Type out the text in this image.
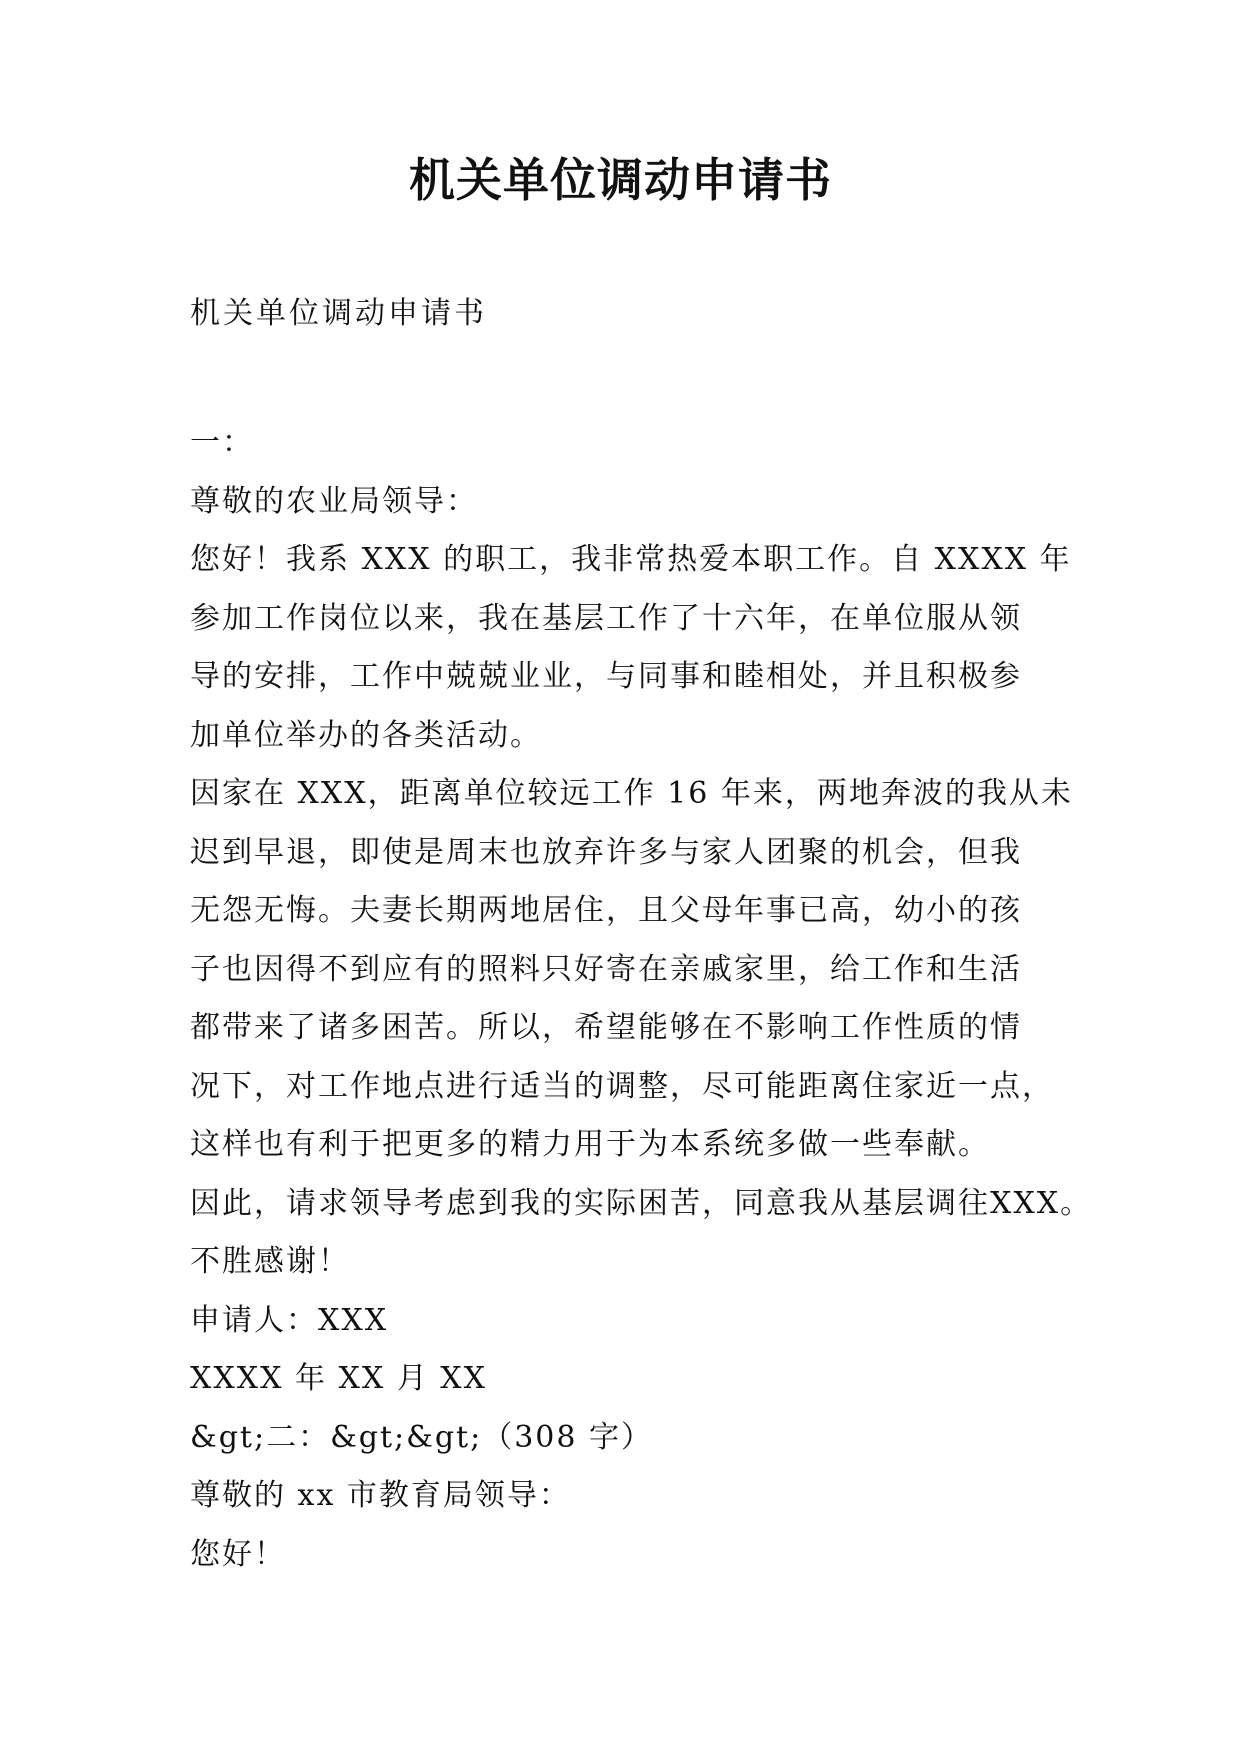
机关单位调动申请书
机关单位调动申请书
一：
尊敬的农业局领导：
您好！我系 XXX 的职工，我非常热爱本职工作。自 XXXX 年
参加工作岗位以来，我在基层工作了十六年，在单位服从领
导的安排，工作中兢兢业业，与同事和睦相处，并且积极参
加单位举办的各类活动。
因家在 XXX，距离单位较远工作 16 年来，两地奔波的我从未
迟到早退，即使是周末也放弃许多与家人团聚的机会，但我
无怨无悔。夫妻长期两地居住，且父母年事已高，幼小的孩
子也因得不到应有的照料只好寄在亲戚家里，给工作和生活
都带来了诸多困苦。所以，希望能够在不影响工作性质的情
况下，对工作地点进行适当的调整，尽可能距离住家近一点，
这样也有利于把更多的精力用于为本系统多做一些奉献。
因此，请求领导考虑到我的实际困苦，同意我从基层调往XXX。
不胜感谢！
申请人：XXX
XXXX 年 XX 月 XX
&gt;二：&gt;&gt;（308 字）
尊敬的 xx 市教育局领导：
您好！
